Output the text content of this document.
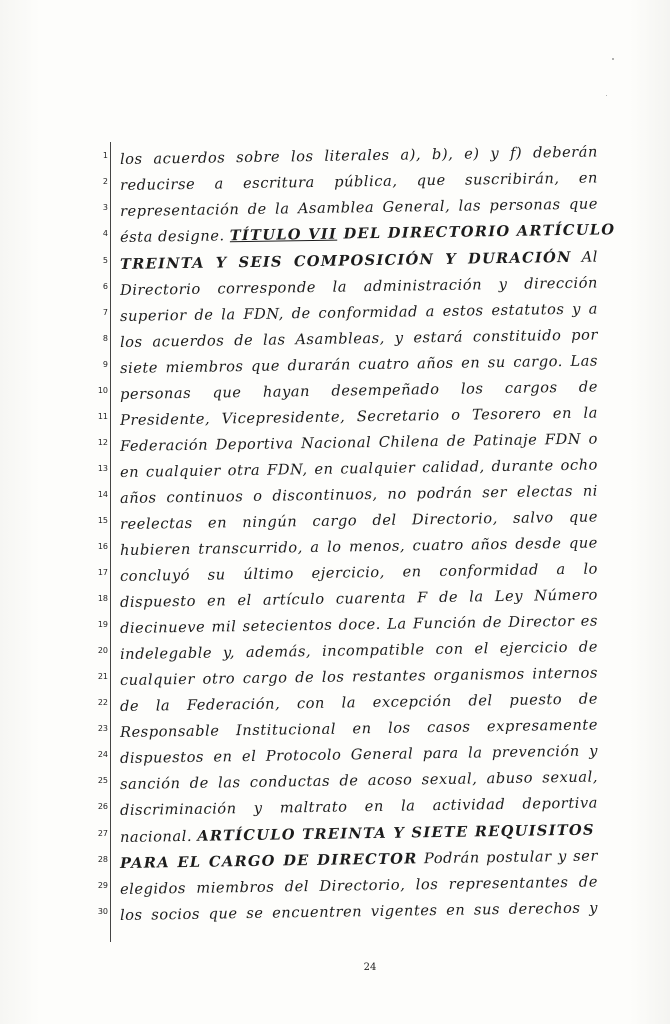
1
2
3
4
5
6
7
8
9
10
11
12
13
14
15
16
17
18
19
20
21
22
23
24
25
26
27
28
29
30
los acuerdos sobre los literales a), b), e) y f) deberán
reducirse a escritura pública, que suscribirán, en
representación de la Asamblea General, las personas que
ésta designe. TÍTULO VII DEL DIRECTORIO ARTÍCULO
TREINTA Y SEIS COMPOSICIÓN Y DURACIÓN Al
Directorio corresponde la administración y dirección
superior de la FDN, de conformidad a estos estatutos y a
los acuerdos de las Asambleas, y estará constituido por
siete miembros que durarán cuatro años en su cargo. Las
personas que hayan desempeñado los cargos de
Presidente, Vicepresidente, Secretario o Tesorero en la
Federación Deportiva Nacional Chilena de Patinaje FDN o
en cualquier otra FDN, en cualquier calidad, durante ocho
años continuos o discontinuos, no podrán ser electas ni
reelectas en ningún cargo del Directorio, salvo que
hubieren transcurrido, a lo menos, cuatro años desde que
concluyó su último ejercicio, en conformidad a lo
dispuesto en el artículo cuarenta F de la Ley Número
diecinueve mil setecientos doce. La Función de Director es
indelegable y, además, incompatible con el ejercicio de
cualquier otro cargo de los restantes organismos internos
de la Federación, con la excepción del puesto de
Responsable Institucional en los casos expresamente
dispuestos en el Protocolo General para la prevención y
sanción de las conductas de acoso sexual, abuso sexual,
discriminación y maltrato en la actividad deportiva
nacional. ARTÍCULO TREINTA Y SIETE REQUISITOS
PARA EL CARGO DE DIRECTOR Podrán postular y ser
elegidos miembros del Directorio, los representantes de
los socios que se encuentren vigentes en sus derechos y
24
